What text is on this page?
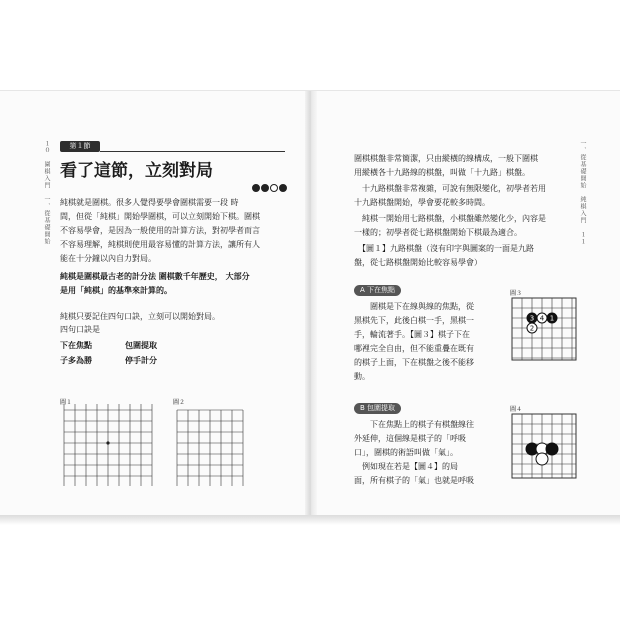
１０　圍棋入門　一、從基礎開始	第１節
看了這節，立刻對局

純棋就是圍棋。很多人覺得要學會圍棋需要一段 時

間，但從「純棋」開始學圍棋，可以立刻開始下棋。圍棋

不容易學會，是因為一般使用的計算方法，對初學者而言

不容易理解，純棋則使用最容易懂的計算方法，讓所有人

能在十分鐘以內自力對局。

純棋是圍棋最古老的計分法 圍棋數千年歷史， 大部分

是用「純棋」的基準來計算的。

純棋只要記住四句口訣，立刻可以開始對局。

四句口訣是

下在焦點	包圍提取

子多為勝	停手計分

圖１	圖２
一、從基礎開始　純棋入門　１１

圍棋棋盤非常簡潔，只由縱橫的線構成，一般下圍棋

用縱橫各十九路線的棋盤，叫做「十九路」棋盤。

　十九路棋盤非常複雜，可說有無限變化，初學者若用

十九路棋盤開始，學會要花較多時間。

　純棋一開始用七路棋盤，小棋盤雖然變化少，內容是

一樣的；初學者從七路棋盤開始下棋最為適合。

　【圖１】九路棋盤（沒有印字與圖案的一面是九路

盤，從七路棋盤開始比較容易學會）

A 下在焦點

圍棋是下在線與線的焦點，從

黑棋先下，此後白棋一手，黑棋一

手，輪流著手。【圖３】棋子下在

哪裡完全自由，但不能重疊在既有

的棋子上面，下在棋盤之後不能移

動。

圖３
3 4 1
2
B 包圍提取

下在焦點上的棋子有棋盤線往

外延伸，這個線是棋子的「呼吸

口」，圍棋的術語叫做「氣」。

例如現在若是【圖４】的局

面，所有棋子的「氣」也就是呼吸

圖４
